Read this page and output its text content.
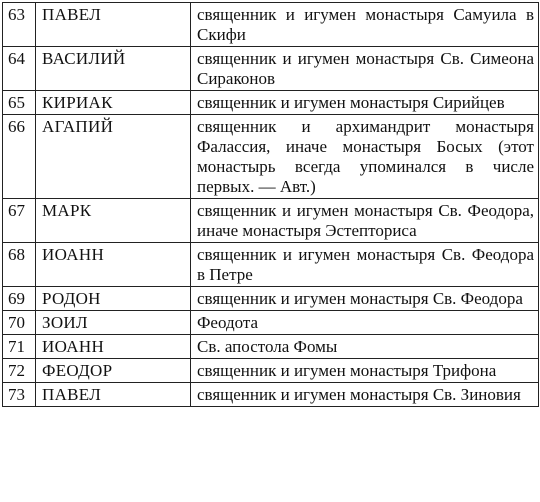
63	ПАВЕЛ	священник и игумен монастыря Самуила в Скифи
64	ВАСИЛИЙ	священник и игумен монастыря Св. Симеона Сираконов
65	КИРИАК	священник и игумен монастыря Сирийцев
66	АГАПИЙ	священник и архимандрит монастыря Фалассия, иначе монастыря Босых (этот монастырь всегда упоминался в числе первых. — Авт.)
67	МАРК	священник и игумен монастыря Св. Феодора, иначе монастыря Эстепториса
68	ИОАНН	священник и игумен монастыря Св. Феодора в Петре
69	РОДОН	священник и игумен монастыря Св. Феодора
70	ЗОИЛ	Феодота
71	ИОАНН	Св. апостола Фомы
72	ФЕОДОР	священник и игумен монастыря Трифона
73	ПАВЕЛ	священник и игумен монастыря Св. Зиновия
